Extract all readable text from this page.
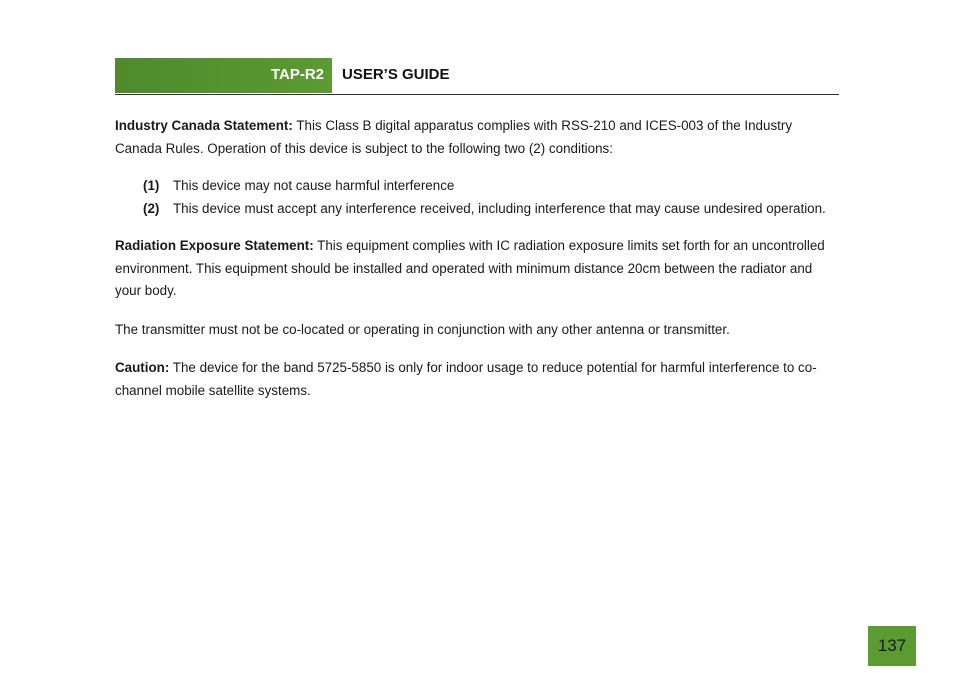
TAP-R2 USER’S GUIDE

Industry Canada Statement: This Class B digital apparatus complies with RSS-210 and ICES-003 of the Industry Canada Rules. Operation of this device is subject to the following two (2) conditions:

(1) This device may not cause harmful interference
(2) This device must accept any interference received, including interference that may cause undesired operation.

Radiation Exposure Statement: This equipment complies with IC radiation exposure limits set forth for an uncontrolled environment. This equipment should be installed and operated with minimum distance 20cm between the radiator and your body.

The transmitter must not be co-located or operating in conjunction with any other antenna or transmitter.

Caution: The device for the band 5725-5850 is only for indoor usage to reduce potential for harmful interference to co-channel mobile satellite systems.

137
